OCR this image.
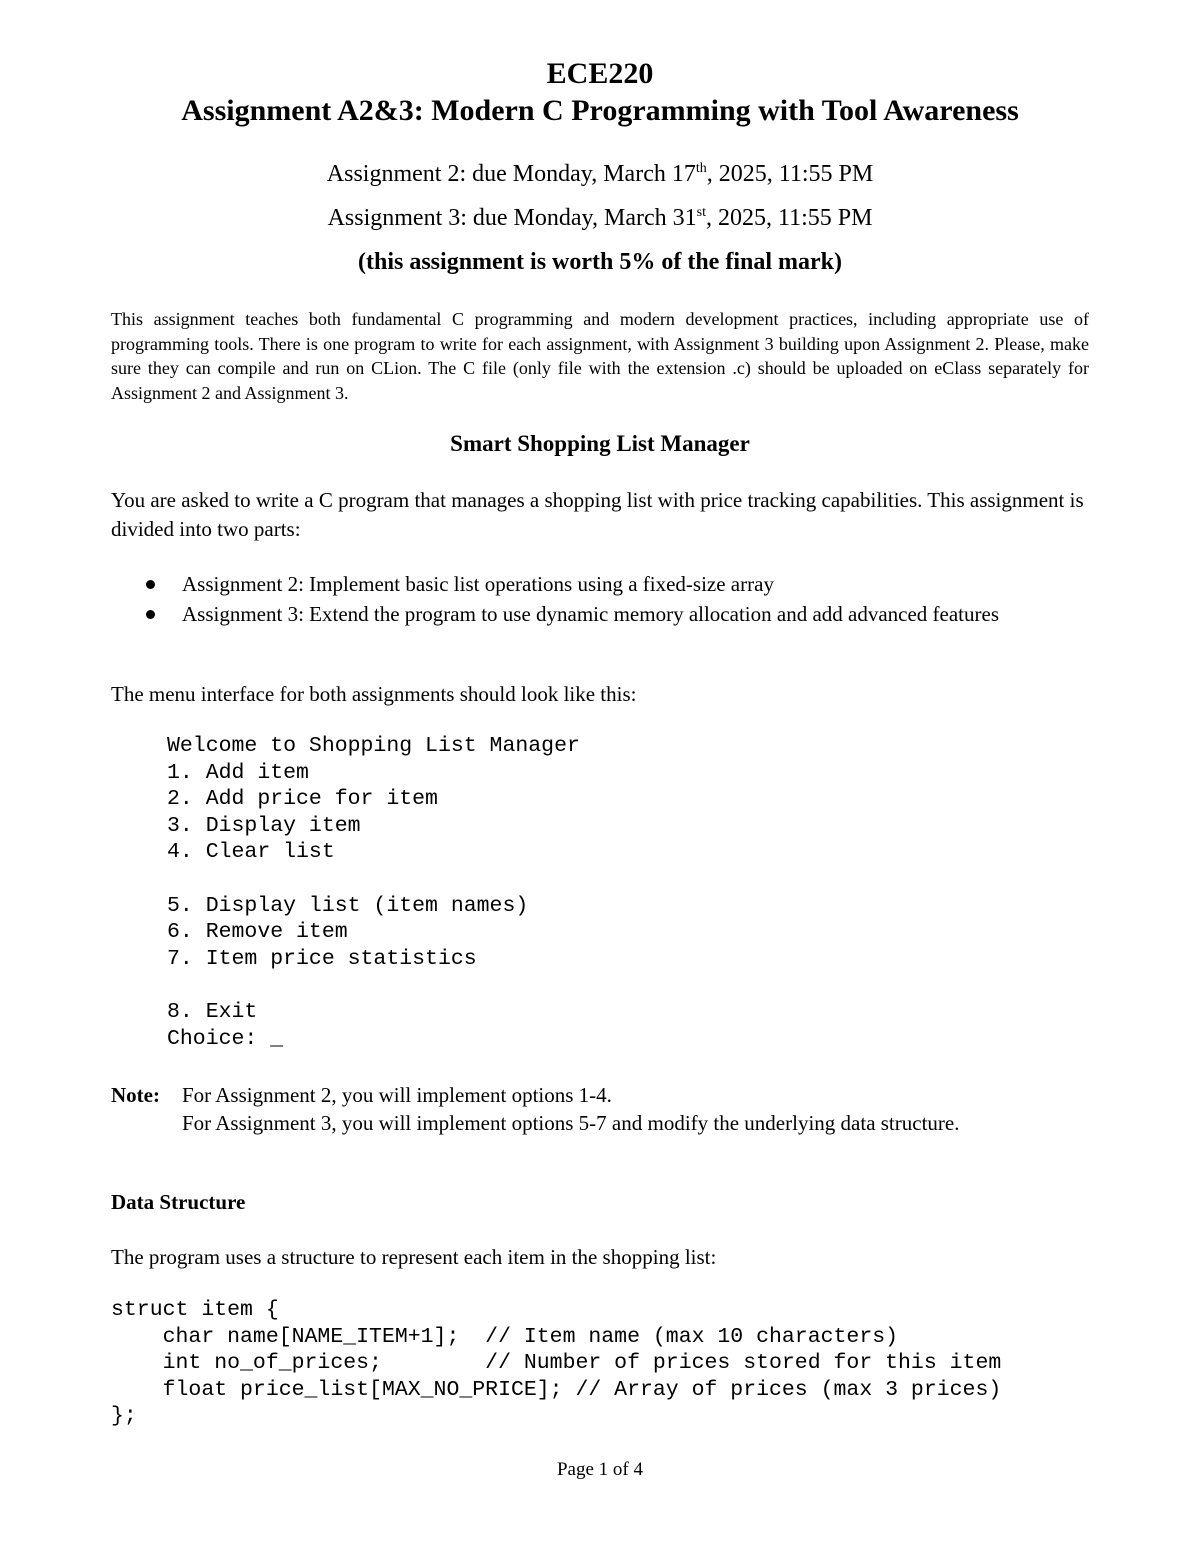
ECE220
Assignment A2&3: Modern C Programming with Tool Awareness
Assignment 2: due Monday, March 17th, 2025, 11:55 PM
Assignment 3: due Monday, March 31st, 2025, 11:55 PM
(this assignment is worth 5% of the final mark)
This assignment teaches both fundamental C programming and modern development practices, including appropriate use of programming tools. There is one program to write for each assignment, with Assignment 3 building upon Assignment 2. Please, make sure they can compile and run on CLion. The C file (only file with the extension .c) should be uploaded on eClass separately for Assignment 2 and Assignment 3.
Smart Shopping List Manager
You are asked to write a C program that manages a shopping list with price tracking capabilities. This assignment is divided into two parts:
Assignment 2: Implement basic list operations using a fixed-size array
Assignment 3: Extend the program to use dynamic memory allocation and add advanced features
The menu interface for both assignments should look like this:
Welcome to Shopping List Manager
1. Add item
2. Add price for item
3. Display item
4. Clear list
5. Display list (item names)
6. Remove item
7. Item price statistics
8. Exit
Choice: _
Note: For Assignment 2, you will implement options 1-4.
For Assignment 3, you will implement options 5-7 and modify the underlying data structure.
Data Structure
The program uses a structure to represent each item in the shopping list:
struct item {
char name[NAME_ITEM+1];  // Item name (max 10 characters)
int no_of_prices;        // Number of prices stored for this item
float price_list[MAX_NO_PRICE]; // Array of prices (max 3 prices)
};
Page 1 of 4
